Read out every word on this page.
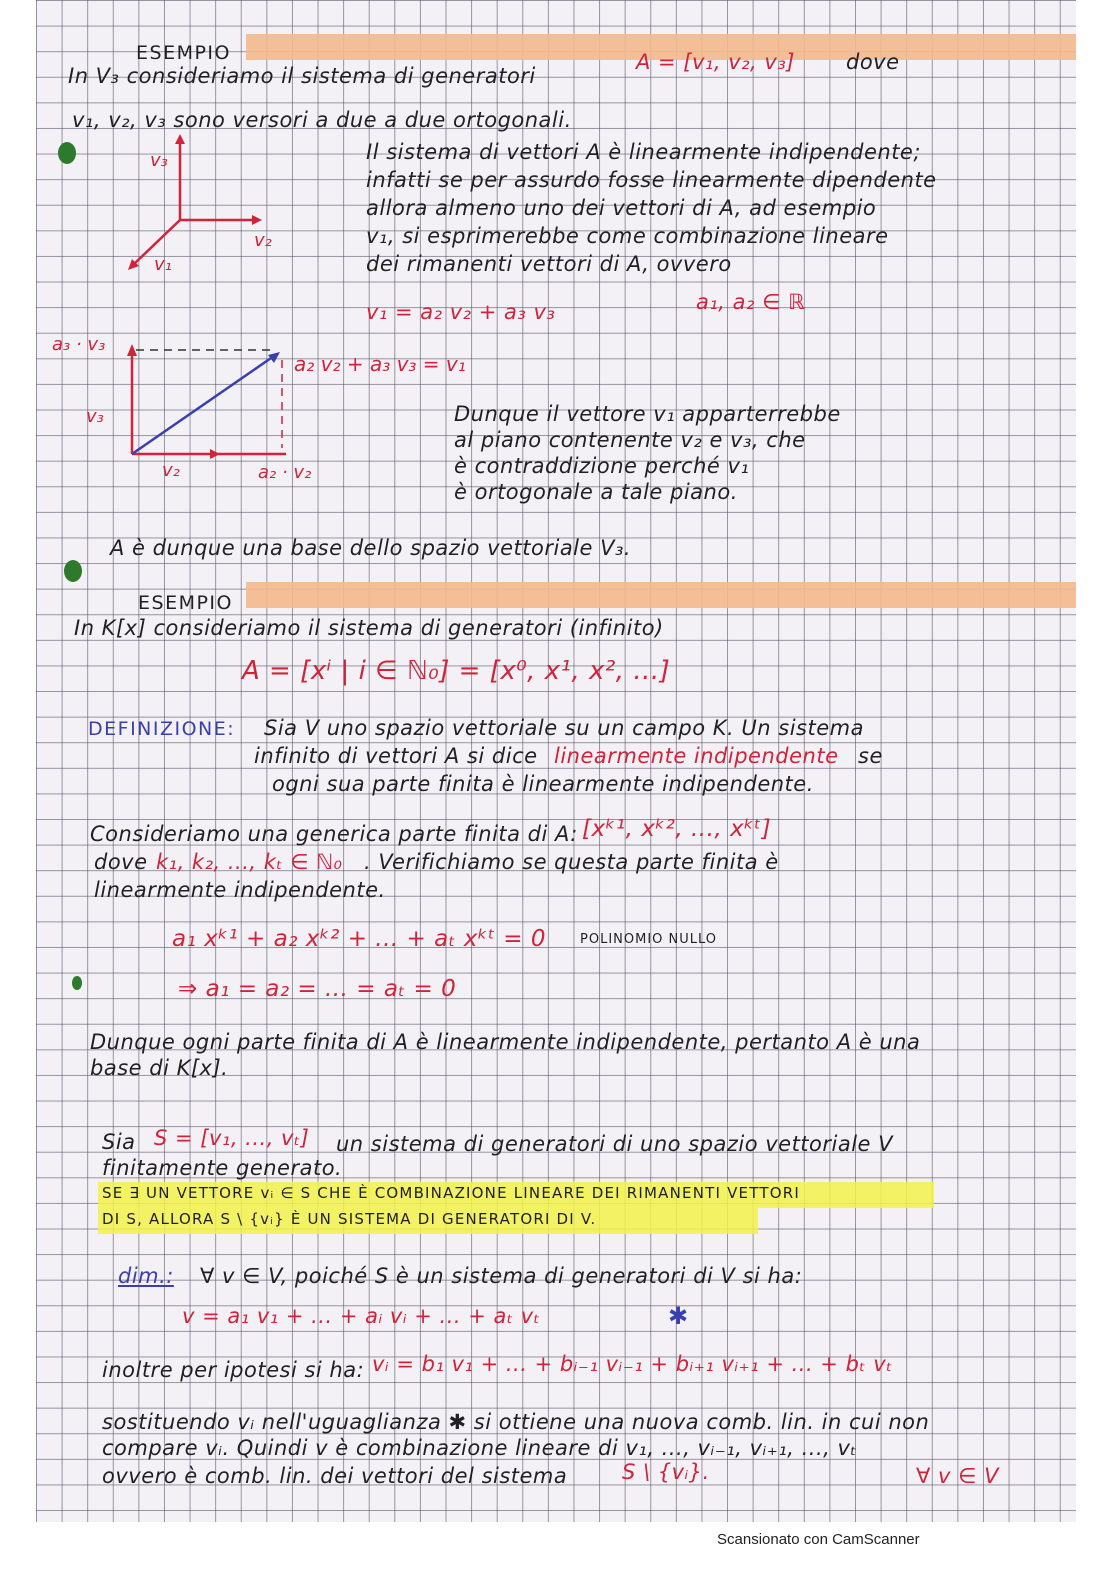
ESEMPIO
In V₃ consideriamo il sistema di generatori
A = [v₁, v₂, v₃] dove
v₁, v₂, v₃ sono versori a due a due ortogonali.
v₃
v₂
v₁
Il sistema di vettori A è linearmente indipendente;
infatti se per assurdo fosse linearmente dipendente
allora almeno uno dei vettori di A, ad esempio
v₁, si esprimerebbe come combinazione lineare
dei rimanenti vettori di A, ovvero
v₁ = a₂ v₂ + a₃ v₃	a₁, a₂ ∈ ℝ
a₃ · v₃
v₃
v₂	a₂ · v₂
a₂ v₂ + a₃ v₃ = v₁
Dunque il vettore v₁ apparterrebbe
al piano contenente v₂ e v₃, che
è contraddizione perché v₁
è ortogonale a tale piano.
A è dunque una base dello spazio vettoriale V₃.
ESEMPIO
In K[x] consideriamo il sistema di generatori (infinito)
A = [xⁱ | i ∈ ℕ₀] = [x⁰, x¹, x², ...]
DEFINIZIONE: Sia V uno spazio vettoriale su un campo K. Un sistema
infinito di vettori A si dice linearmente indipendente se
ogni sua parte finita è linearmente indipendente.
Consideriamo una generica parte finita di A: [xᵏ¹, xᵏ², ..., xᵏᵗ]
dove k₁, k₂, ..., kₜ ∈ ℕ₀ . Verifichiamo se questa parte finita è
linearmente indipendente.
a₁ xᵏ¹ + a₂ xᵏ² + ... + aₜ xᵏᵗ = 0	POLINOMIO NULLO
⇒ a₁ = a₂ = ... = aₜ = 0
Dunque ogni parte finita di A è linearmente indipendente, pertanto A è una
base di K[x].
Sia S = [v₁, ..., vₜ] un sistema di generatori di uno spazio vettoriale V
finitamente generato.
SE ∃ UN VETTORE vᵢ ∈ S CHE È COMBINAZIONE LINEARE DEI RIMANENTI VETTORI
DI S, ALLORA S \ {vᵢ} È UN SISTEMA DI GENERATORI DI V.
dim.: ∀ v ∈ V, poiché S è un sistema di generatori di V si ha:
v = a₁ v₁ + ... + aᵢ vᵢ + ... + aₜ vₜ	✱
inoltre per ipotesi si ha: vᵢ = b₁ v₁ + ... + bᵢ₋₁ vᵢ₋₁ + bᵢ₊₁ vᵢ₊₁ + ... + bₜ vₜ
sostituendo vᵢ nell'uguaglianza ✱ si ottiene una nuova comb. lin. in cui non
compare vᵢ. Quindi v è combinazione lineare di v₁, ..., vᵢ₋₁, vᵢ₊₁, ..., vₜ
ovvero è comb. lin. dei vettori del sistema	S \ {vᵢ}.	∀ v ∈ V
Scansionato con CamScanner
